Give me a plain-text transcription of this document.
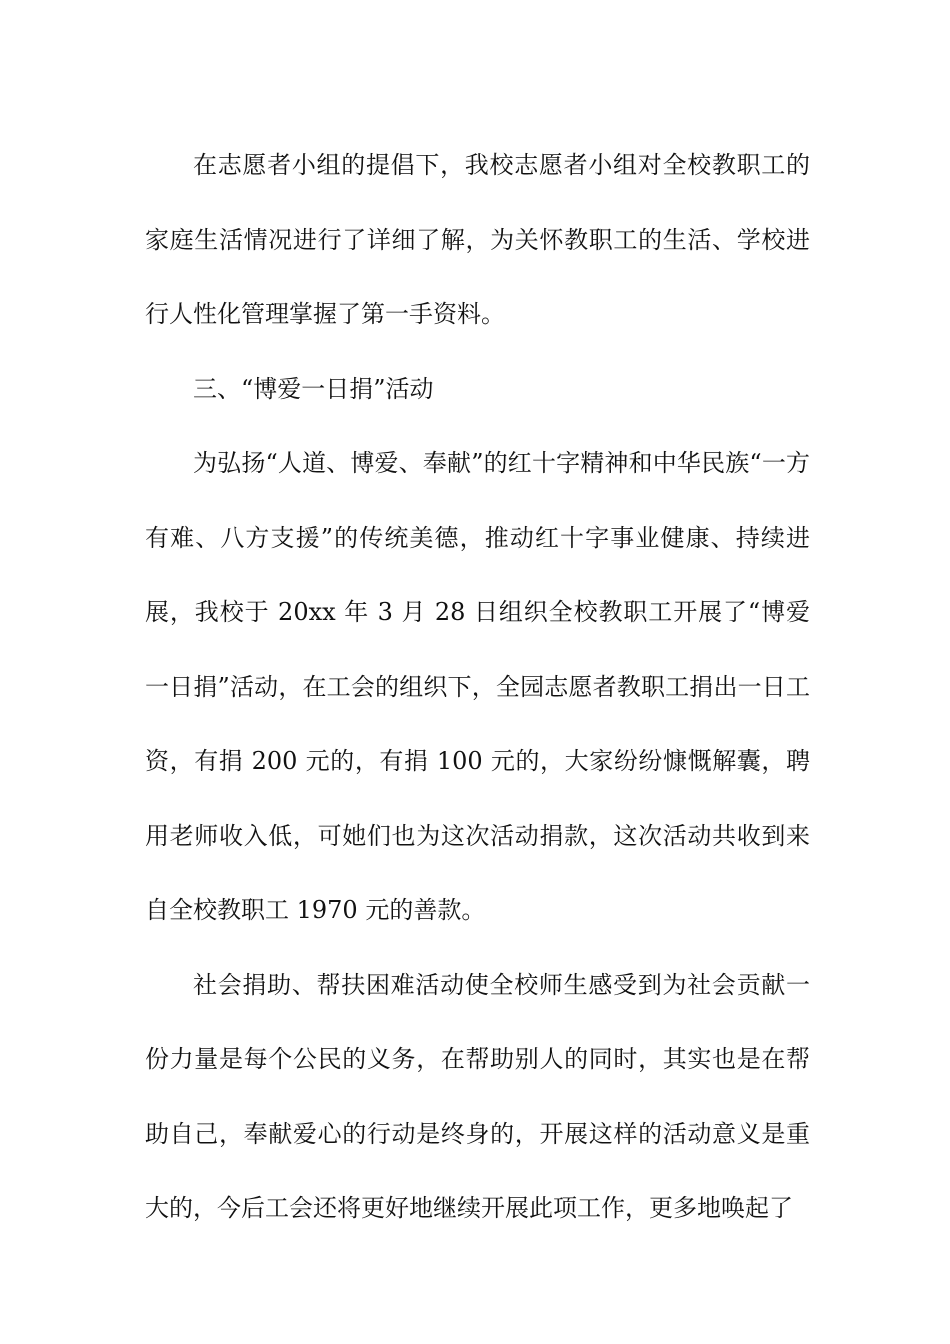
在志愿者小组的提倡下，我校志愿者小组对全校教职工的家庭生活情况进行了详细了解，为关怀教职工的生活、学校进行人性化管理掌握了第一手资料。

三、“博爱一日捐”活动

为弘扬“人道、博爱、奉献”的红十字精神和中华民族“一方有难、八方支援”的传统美德，推动红十字事业健康、持续进展，我校于 20xx 年 3 月 28 日组织全校教职工开展了“博爱一日捐”活动，在工会的组织下，全园志愿者教职工捐出一日工资，有捐 200 元的，有捐 100 元的，大家纷纷慷慨解囊，聘用老师收入低，可她们也为这次活动捐款，这次活动共收到来自全校教职工 1970 元的善款。

社会捐助、帮扶困难活动使全校师生感受到为社会贡献一份力量是每个公民的义务，在帮助别人的同时，其实也是在帮助自己，奉献爱心的行动是终身的，开展这样的活动意义是重大的，今后工会还将更好地继续开展此项工作，更多地唤起了
